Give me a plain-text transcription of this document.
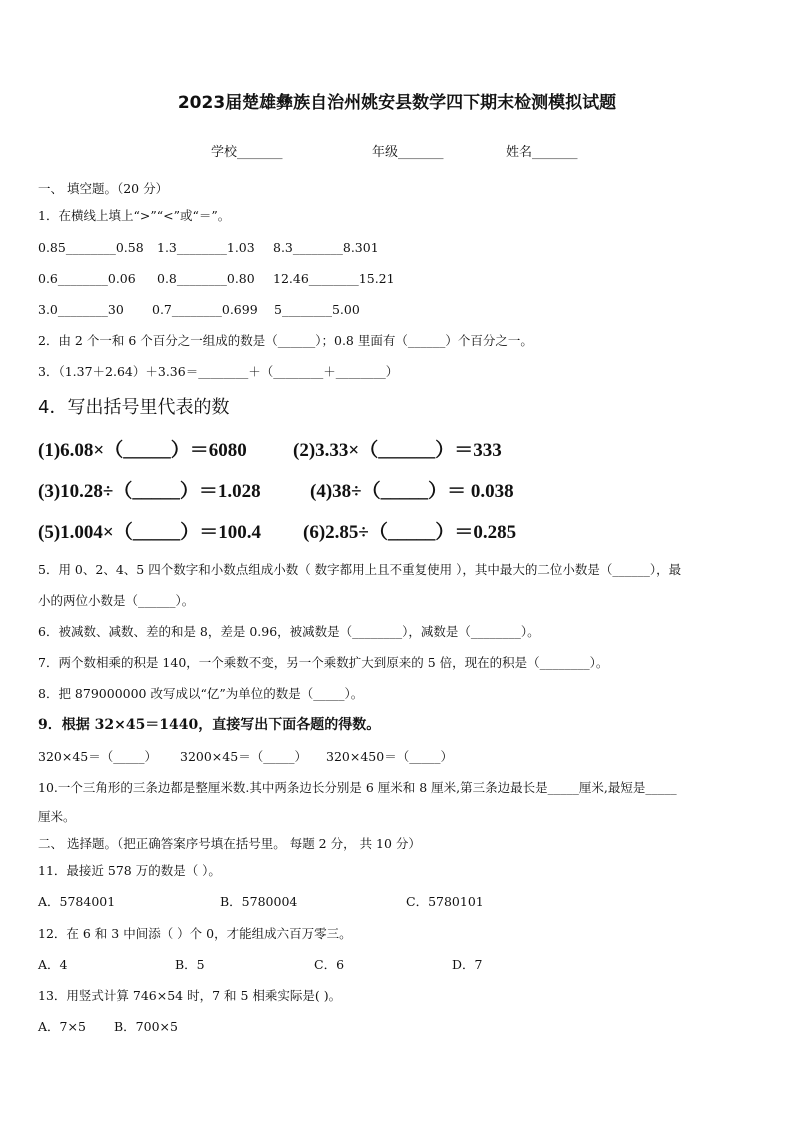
2023届楚雄彝族自治州姚安县数学四下期末检测模拟试题
学校_______	年级_______	姓名_______
一、 填空题。（20 分）
1．在横线上填上“>”“<”或“＝”。
0.85________0.58 1.3________1.03 8.3________8.301
0.6________0.06 0.8________0.80 12.46________15.21
3.0________30 0.7________0.699 5________5.00
2．由 2 个一和 6 个百分之一组成的数是（______）；0.8 里面有（______）个百分之一。
3．（1.37＋2.64）＋3.36＝________＋（________＋________）
4．写出括号里代表的数
(1)6.08×（_____）＝6080 (2)3.33×（______）＝333
(3)10.28÷（_____）＝1.028	(4)38÷（_____）＝ 0.038
(5)1.004×（_____）＝100.4 (6)2.85÷（_____）＝0.285
5．用 0、2、4、5 四个数字和小数点组成小数（ 数字都用上且不重复使用 ），其中最大的二位小数是（______），最
小的两位小数是（______）。
6．被减数、减数、差的和是 8，差是 0.96，被减数是（________），减数是（________）。
7．两个数相乘的积是 140，一个乘数不变，另一个乘数扩大到原来的 5 倍，现在的积是（________）。
8．把 879000000 改写成以“亿”为单位的数是（_____）。
9．根据 32×45＝1440，直接写出下面各题的得数。
320×45＝（_____） 3200×45＝（_____） 320×450＝（_____）
10.一个三角形的三条边都是整厘米数.其中两条边长分别是 6 厘米和 8 厘米,第三条边最长是_____厘米,最短是_____
厘米。
二、 选择题。（把正确答案序号填在括号里。 每题 2 分， 共 10 分）
11．最接近 578 万的数是（ ）。
A．5784001	B．5780004	C．5780101
12．在 6 和 3 中间添（ ）个 0，才能组成六百万零三。
A．4	B．5	C．6	D．7
13．用竖式计算 746×54 时，7 和 5 相乘实际是( )。
A．7×5 B．700×5
